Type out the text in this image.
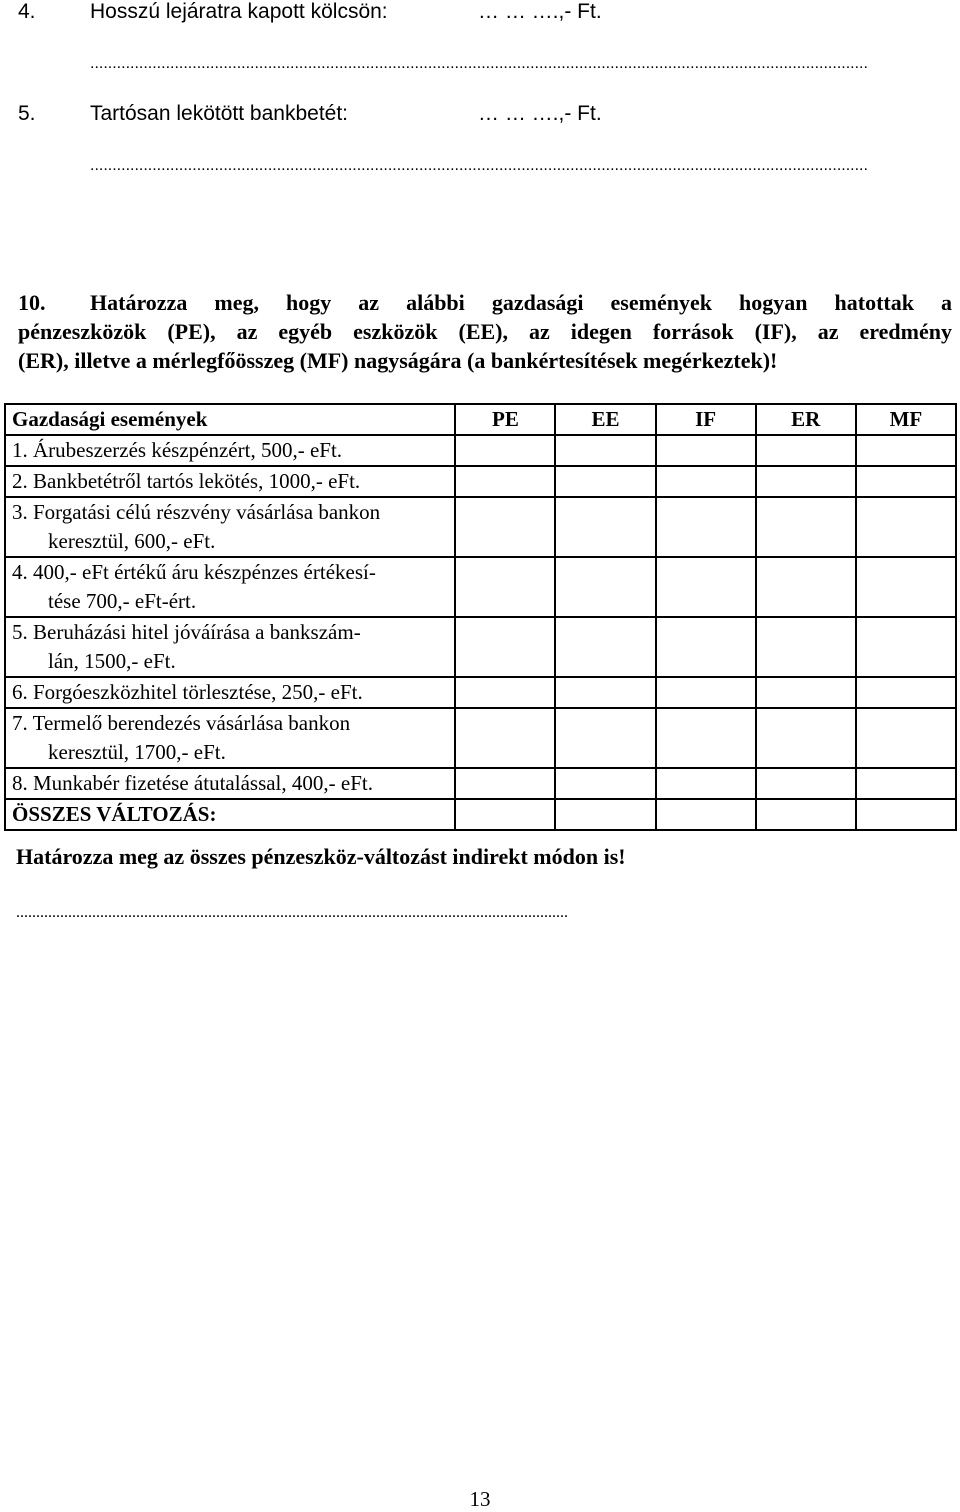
4.	Hosszú lejáratra kapott kölcsön:	… … ….,- Ft.
...............................................................................................................................................................................
5.	Tartósan lekötött bankbetét:	… … ….,- Ft.
...............................................................................................................................................................................
10. Határozza meg, hogy az alábbi gazdasági események hogyan hatottak a
pénzeszközök (PE), az egyéb eszközök (EE), az idegen források (IF), az eredmény
(ER), illetve a mérlegfőösszeg (MF) nagyságára (a bankértesítések megérkeztek)!
Gazdasági események	PE	EE	IF	ER	MF
1. Árubeszerzés készpénzért, 500,- eFt.					
2. Bankbetétről tartós lekötés, 1000,- eFt.					
3. Forgatási célú részvény vásárlása bankon
keresztül, 600,- eFt.					

4. 400,- eFt értékű áru készpénzes értékesí-
tése 700,- eFt-ért.					

5. Beruházási hitel jóváírása a bankszám-
lán, 1500,- eFt.					

6. Forgóeszközhitel törlesztése, 250,- eFt.					
7. Termelő berendezés vásárlása bankon
keresztül, 1700,- eFt.					

8. Munkabér fizetése átutalással, 400,- eFt.					
ÖSSZES VÁLTOZÁS:					
Határozza meg az összes pénzeszköz-változást indirekt módon is!
..........................................................................................................................................
13
